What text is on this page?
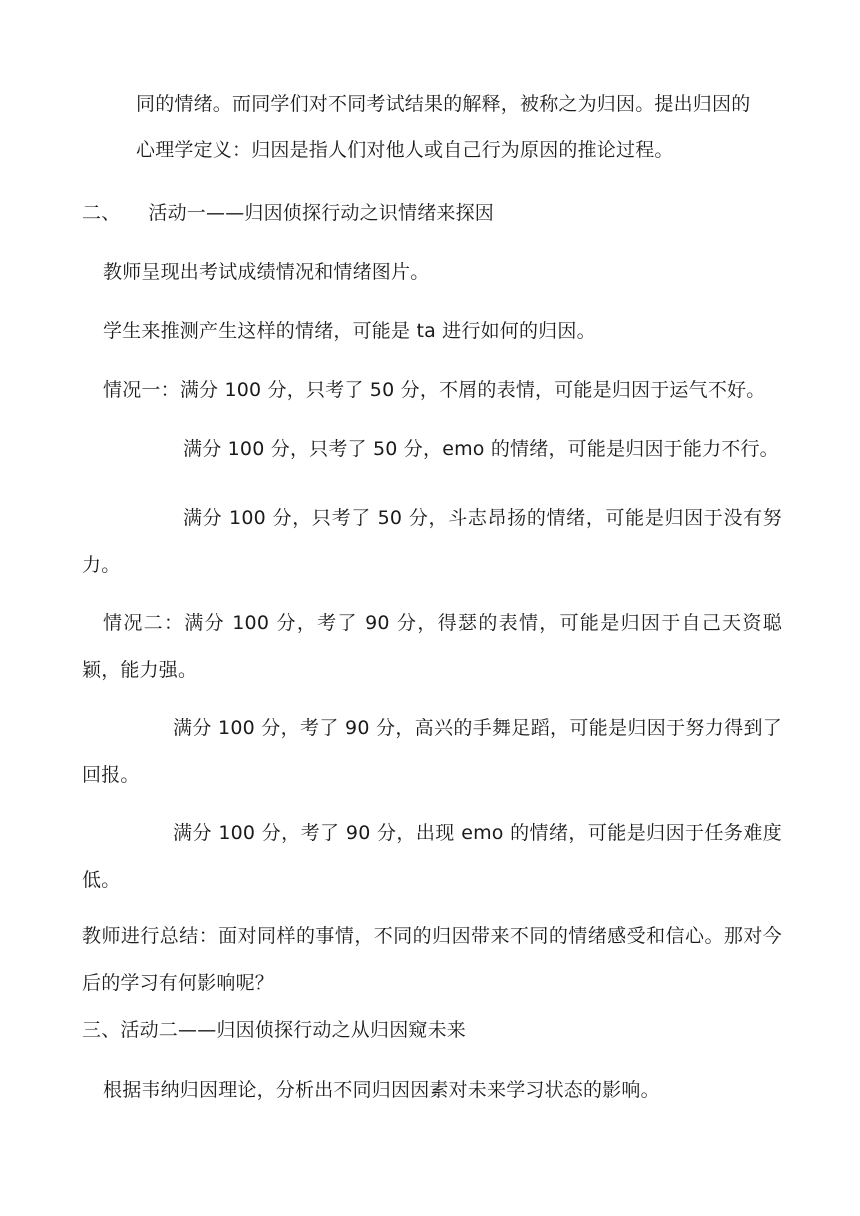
同的情绪。而同学们对不同考试结果的解释，被称之为归因。提出归因的
心理学定义：归因是指人们对他人或自己行为原因的推论过程。
二、 活动一——归因侦探行动之识情绪来探因
教师呈现出考试成绩情况和情绪图片。
学生来推测产生这样的情绪，可能是 ta 进行如何的归因。
情况一：满分 100 分，只考了 50 分，不屑的表情，可能是归因于运气不好。
满分 100 分，只考了 50 分，emo 的情绪，可能是归因于能力不行。
满分 100 分，只考了 50 分，斗志昂扬的情绪，可能是归因于没有努力。
情况二：满分 100 分，考了 90 分，得瑟的表情，可能是归因于自己天资聪颖，能力强。
满分 100 分，考了 90 分，高兴的手舞足蹈，可能是归因于努力得到了回报。
满分 100 分，考了 90 分，出现 emo 的情绪，可能是归因于任务难度低。
教师进行总结：面对同样的事情，不同的归因带来不同的情绪感受和信心。那对今后的学习有何影响呢？
三、活动二——归因侦探行动之从归因窥未来
根据韦纳归因理论，分析出不同归因因素对未来学习状态的影响。
